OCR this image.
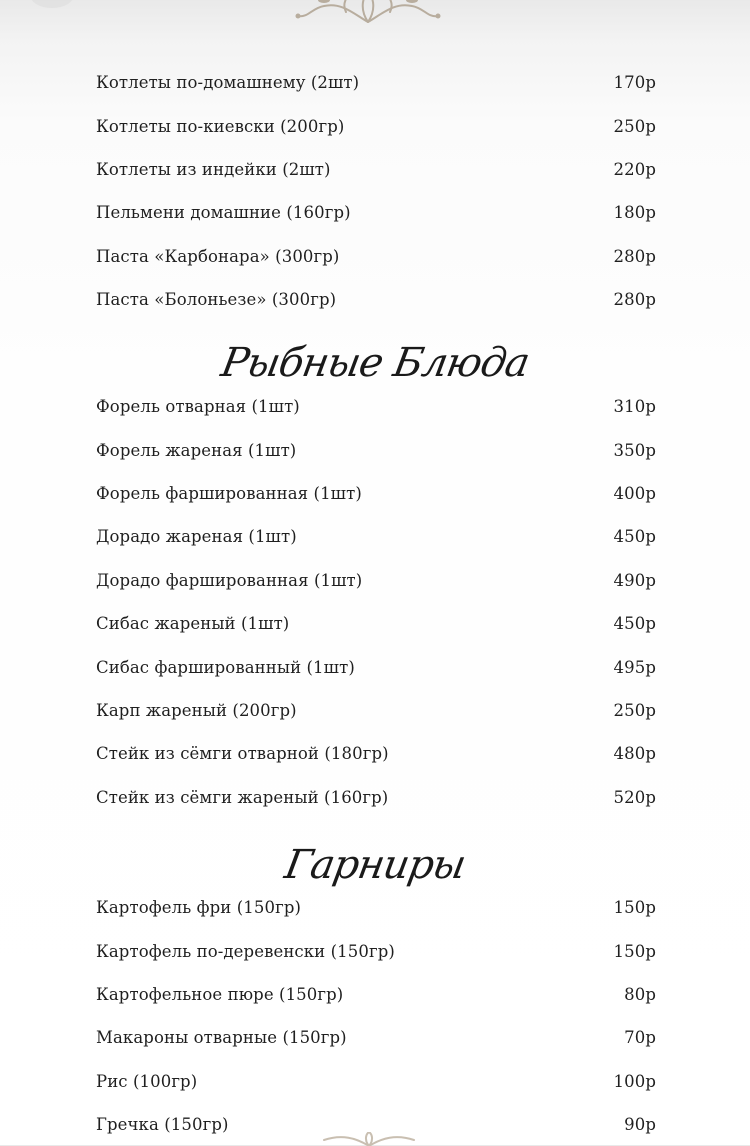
Котлеты по-домашнему (2шт)	170р
Котлеты по-киевски (200гр)	250р
Котлеты из индейки (2шт)	220р
Пельмени домашние (160гр)	180р
Паста «Карбонара» (300гр)	280р
Паста «Болоньезе» (300гр)	280р
Рыбные Блюда
Форель отварная (1шт)	310р
Форель жареная (1шт)	350р
Форель фаршированная (1шт)	400р
Дорадо жареная (1шт)	450р
Дорадо фаршированная (1шт)	490р
Сибас жареный (1шт)	450р
Сибас фаршированный (1шт)	495р
Карп жареный (200гр)	250р
Стейк из сёмги отварной (180гр)	480р
Стейк из сёмги жареный (160гр)	520р
Гарниры
Картофель фри (150гр)	150р
Картофель по-деревенски (150гр)	150р
Картофельное пюре (150гр)	80р
Макароны отварные (150гр)	70р
Рис (100гр)	100р
Гречка (150гр)	90р
